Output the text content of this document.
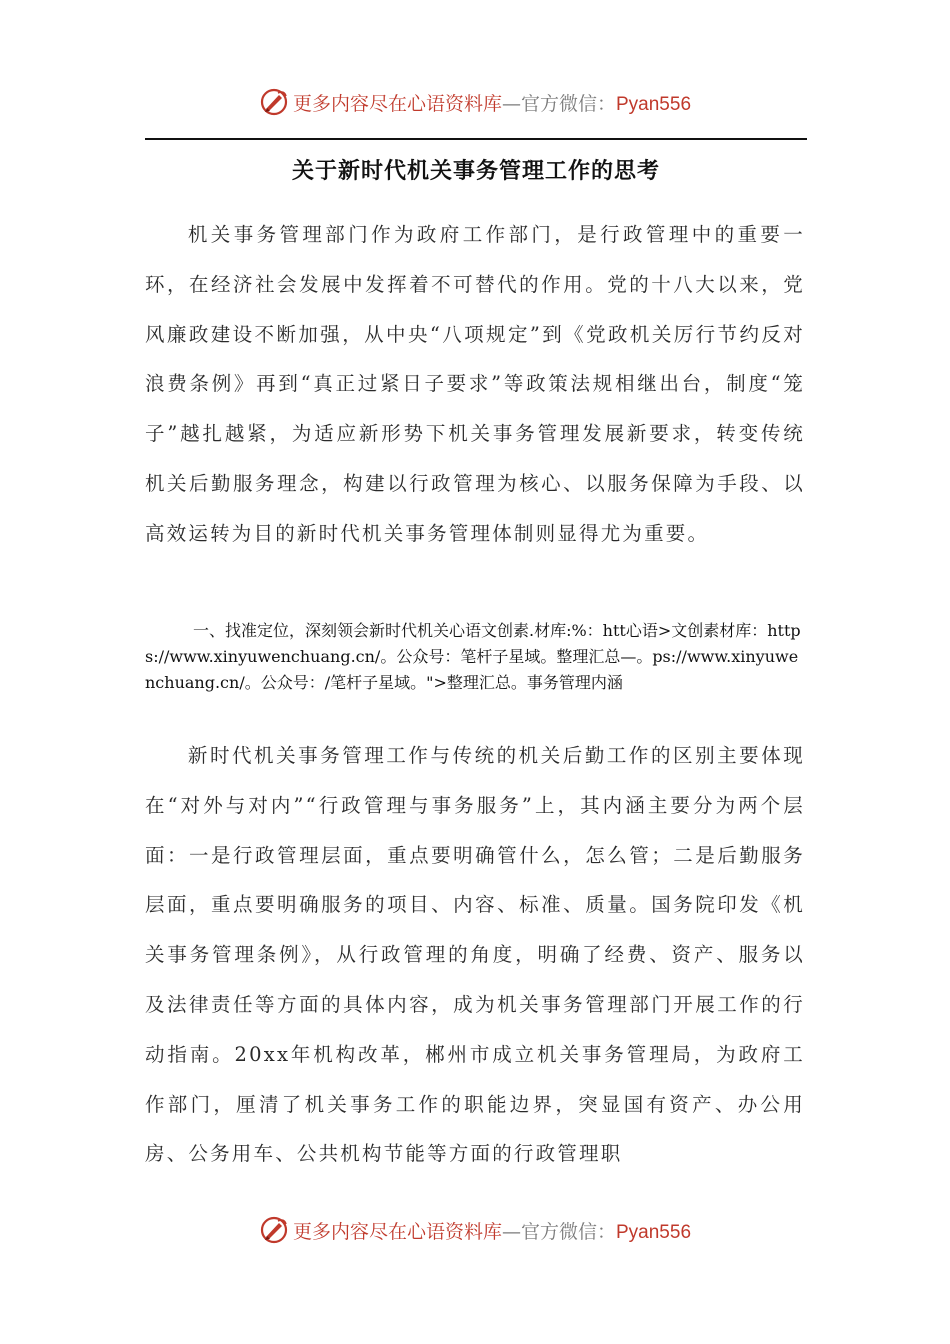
更多内容尽在心语资料库—官方微信：Pyan556
关于新时代机关事务管理工作的思考
机关事务管理部门作为政府工作部门，是行政管理中的重要一环，在经济社会发展中发挥着不可替代的作用。党的十八大以来，党风廉政建设不断加强，从中央“八项规定”到《党政机关厉行节约反对浪费条例》再到“真正过紧日子要求”等政策法规相继出台，制度“笼子”越扎越紧，为适应新形势下机关事务管理发展新要求，转变传统机关后勤服务理念，构建以行政管理为核心、以服务保障为手段、以高效运转为目的新时代机关事务管理体制则显得尤为重要。
一、找准定位，深刻领会新时代机关心语文创素.材库:%：htt心语>文创素材库：https://www.xinyuwenchuang.cn/。公众号：笔杆子星域。整理汇总—。ps://www.xinyuwenchuang.cn/。公众号：/笔杆子星域。">整理汇总。事务管理内涵
新时代机关事务管理工作与传统的机关后勤工作的区别主要体现在“对外与对内”“行政管理与事务服务”上，其内涵主要分为两个层面：一是行政管理层面，重点要明确管什么，怎么管；二是后勤服务层面，重点要明确服务的项目、内容、标准、质量。国务院印发《机关事务管理条例》，从行政管理的角度，明确了经费、资产、服务以及法律责任等方面的具体内容，成为机关事务管理部门开展工作的行动指南。20xx年机构改革，郴州市成立机关事务管理局，为政府工作部门，厘清了机关事务工作的职能边界，突显国有资产、办公用房、公务用车、公共机构节能等方面的行政管理职
更多内容尽在心语资料库—官方微信：Pyan556
